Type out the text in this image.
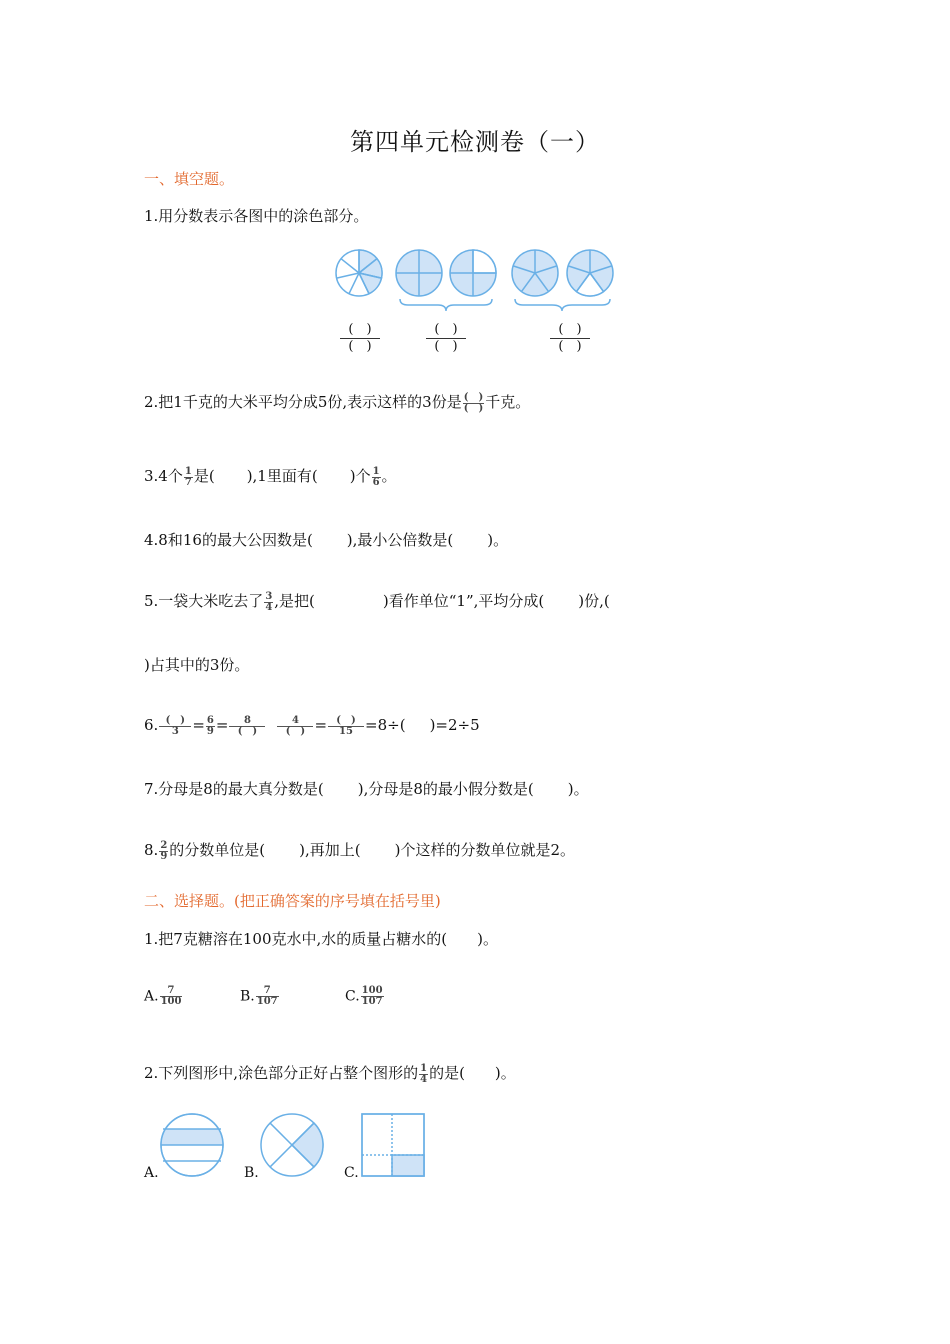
第四单元检测卷（一）
一、填空题。
1.用分数表示各图中的涂色部分。
(　)
(　)
(　)
(　)
(　)
(　)
2.把1千克的大米平均分成5份,表示这样的3份是 $\frac{( )}{( )}$ 千克。
3.4个 $\frac{1}{7}$ 是( ),1里面有( )个 $\frac{1}{6}$ 。
4.8和16的最大公因数是( ),最小公倍数是( )。
5.一袋大米吃去了 $\frac{3}{4}$ ,是把(	)看作单位“1”,平均分成( )份,(
)占其中的3份。
6. $\frac{( )}{3} = \frac{6}{9} = \frac{8}{( )} \frac{4}{( )} = \frac{( )}{15} =8\div$( )=2÷5
7.分母是8的最大真分数是( ),分母是8的最小假分数是( )。
8. $\frac{2}{9}$ 的分数单位是( ),再加上( )个这样的分数单位就是2。
二、选择题。(把正确答案的序号填在括号里)
1.把7克糖溶在100克水中,水的质量占糖水的(　　)。
A. $\frac{7}{100}$	B. $\frac{7}{107}$	C. $\frac{100}{107}$
2.下列图形中,涂色部分正好占整个图形的 $\frac{1}{4}$ 的是(　　)。
A.	B.	C.
